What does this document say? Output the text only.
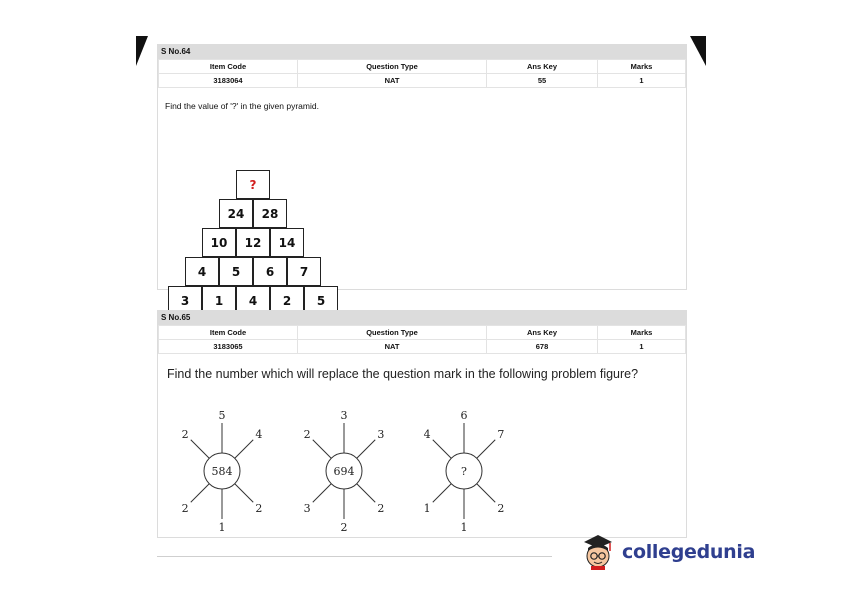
S No.64
Item Code	Question Type	Ans Key	Marks
3183064	NAT	55	1
Find the value of '?' in the given pyramid.
?
24	28
10	12	14
4	5	6	7
3	1	4	2	5
S No.65
Item Code	Question Type	Ans Key	Marks
3183065	NAT	678	1
Find the number which will replace the question mark in the following problem figure?
5
2	4
2	2
1
584
3
2	3
3	2
2
694
6
4	7
1	2
1
?
collegedunia
